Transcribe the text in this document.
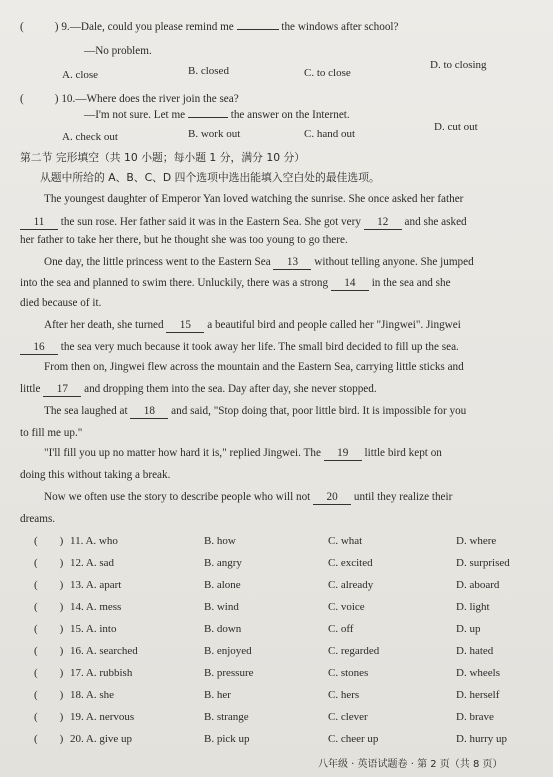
(	) 9.—Dale, could you please remind me	the windows after school?
—No problem.
A. close	B. closed	C. to close
D. to closing
(	) 10.—Where does the river join the sea?
—I'm not sure. Let me	the answer on the Internet.
A. check out	B. work out	C. hand out
D. cut out
第二节 完形填空（共 10 小题；每小题 1 分，满分 10 分）
从题中所给的 A、B、C、D 四个选项中选出能填入空白处的最佳选项。
The youngest daughter of Emperor Yan loved watching the sunrise. She once asked her father
11 the sun rose. Her father said it was in the Eastern Sea. She got very 12 and she asked
her father to take her there, but he thought she was too young to go there.
One day, the little princess went to the Eastern Sea 13 without telling anyone. She jumped
into the sea and planned to swim there. Unluckily, there was a strong 14 in the sea and she
died because of it.
After her death, she turned 15 a beautiful bird and people called her "Jingwei". Jingwei
16 the sea very much because it took away her life. The small bird decided to fill up the sea.
From then on, Jingwei flew across the mountain and the Eastern Sea, carrying little sticks and
little 17 and dropping them into the sea. Day after day, she never stopped.
The sea laughed at 18 and said, "Stop doing that, poor little bird. It is impossible for you
to fill me up."
"I'll fill you up no matter how hard it is," replied Jingwei. The 19 little bird kept on
doing this without taking a break.
Now we often use the story to describe people who will not 20 until they realize their
dreams.
( ) 11. A. who	B. how	C. what	D. where
( ) 12. A. sad	B. angry	C. excited	D. surprised
( ) 13. A. apart	B. alone	C. already	D. aboard
( ) 14. A. mess	B. wind	C. voice	D. light
( ) 15. A. into	B. down	C. off	D. up
( ) 16. A. searched	B. enjoyed	C. regarded	D. hated
( ) 17. A. rubbish	B. pressure	C. stones	D. wheels
( ) 18. A. she	B. her	C. hers	D. herself
( ) 19. A. nervous	B. strange	C. clever	D. brave
( ) 20. A. give up	B. pick up	C. cheer up	D. hurry up
八年级 · 英语试题卷 · 第 2 页（共 8 页）
